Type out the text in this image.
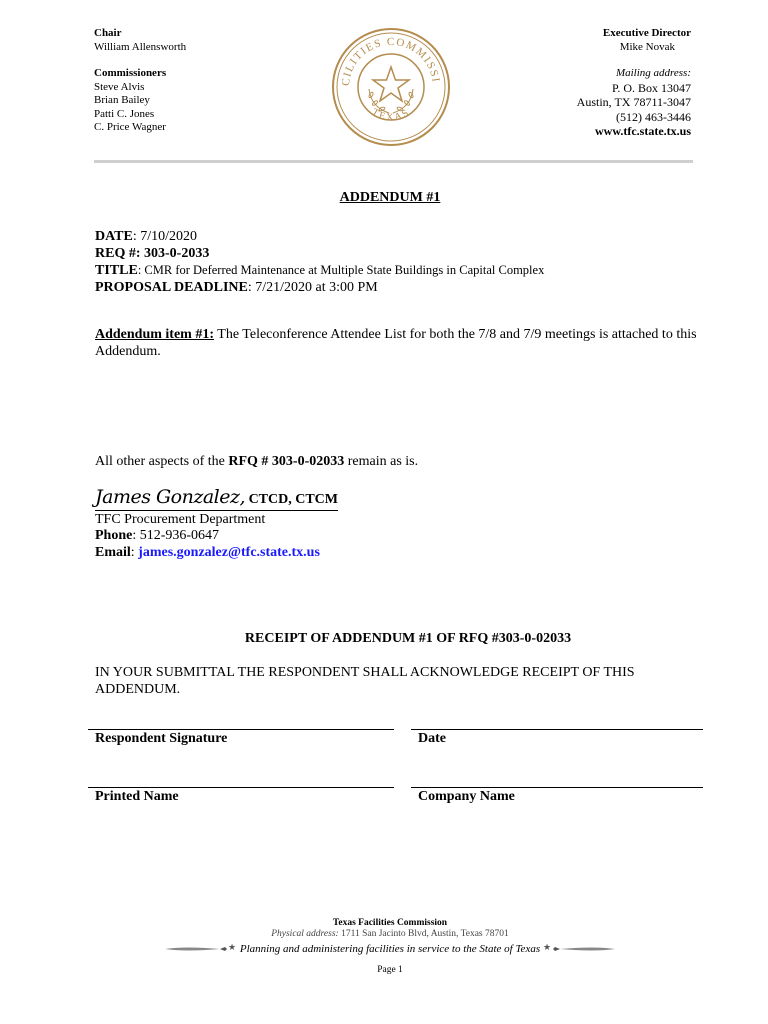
Chair
William Allensworth
Commissioners
Steve Alvis
Brian Bailey
Patti C. Jones
C. Price Wagner
CILITIES COMMISSI
TEXAS
Executive Director
Mike Novak
Mailing address:
P. O. Box 13047
Austin, TX 78711-3047
(512) 463-3446
www.tfc.state.tx.us
ADDENDUM #1
DATE: 7/10/2020
REQ #: 303-0-2033
TITLE: CMR for Deferred Maintenance at Multiple State Buildings in Capital Complex
PROPOSAL DEADLINE: 7/21/2020 at 3:00 PM
Addendum item #1: The Teleconference Attendee List for both the 7/8 and 7/9 meetings is attached to this
Addendum.
All other aspects of the RFQ # 303-0-02033 remain as is.
James Gonzalez, CTCD, CTCM
TFC Procurement Department
Phone: 512-936-0647
Email: james.gonzalez@tfc.state.tx.us
RECEIPT OF ADDENDUM #1 OF RFQ #303-0-02033
IN YOUR SUBMITTAL THE RESPONDENT SHALL ACKNOWLEDGE RECEIPT OF THIS
ADDENDUM.
Respondent Signature	Date
Printed Name	Company Name
Texas Facilities Commission
Physical address: 1711 San Jacinto Blvd, Austin, Texas 78701
★ Planning and administering facilities in service to the State of Texas ★
Page 1
